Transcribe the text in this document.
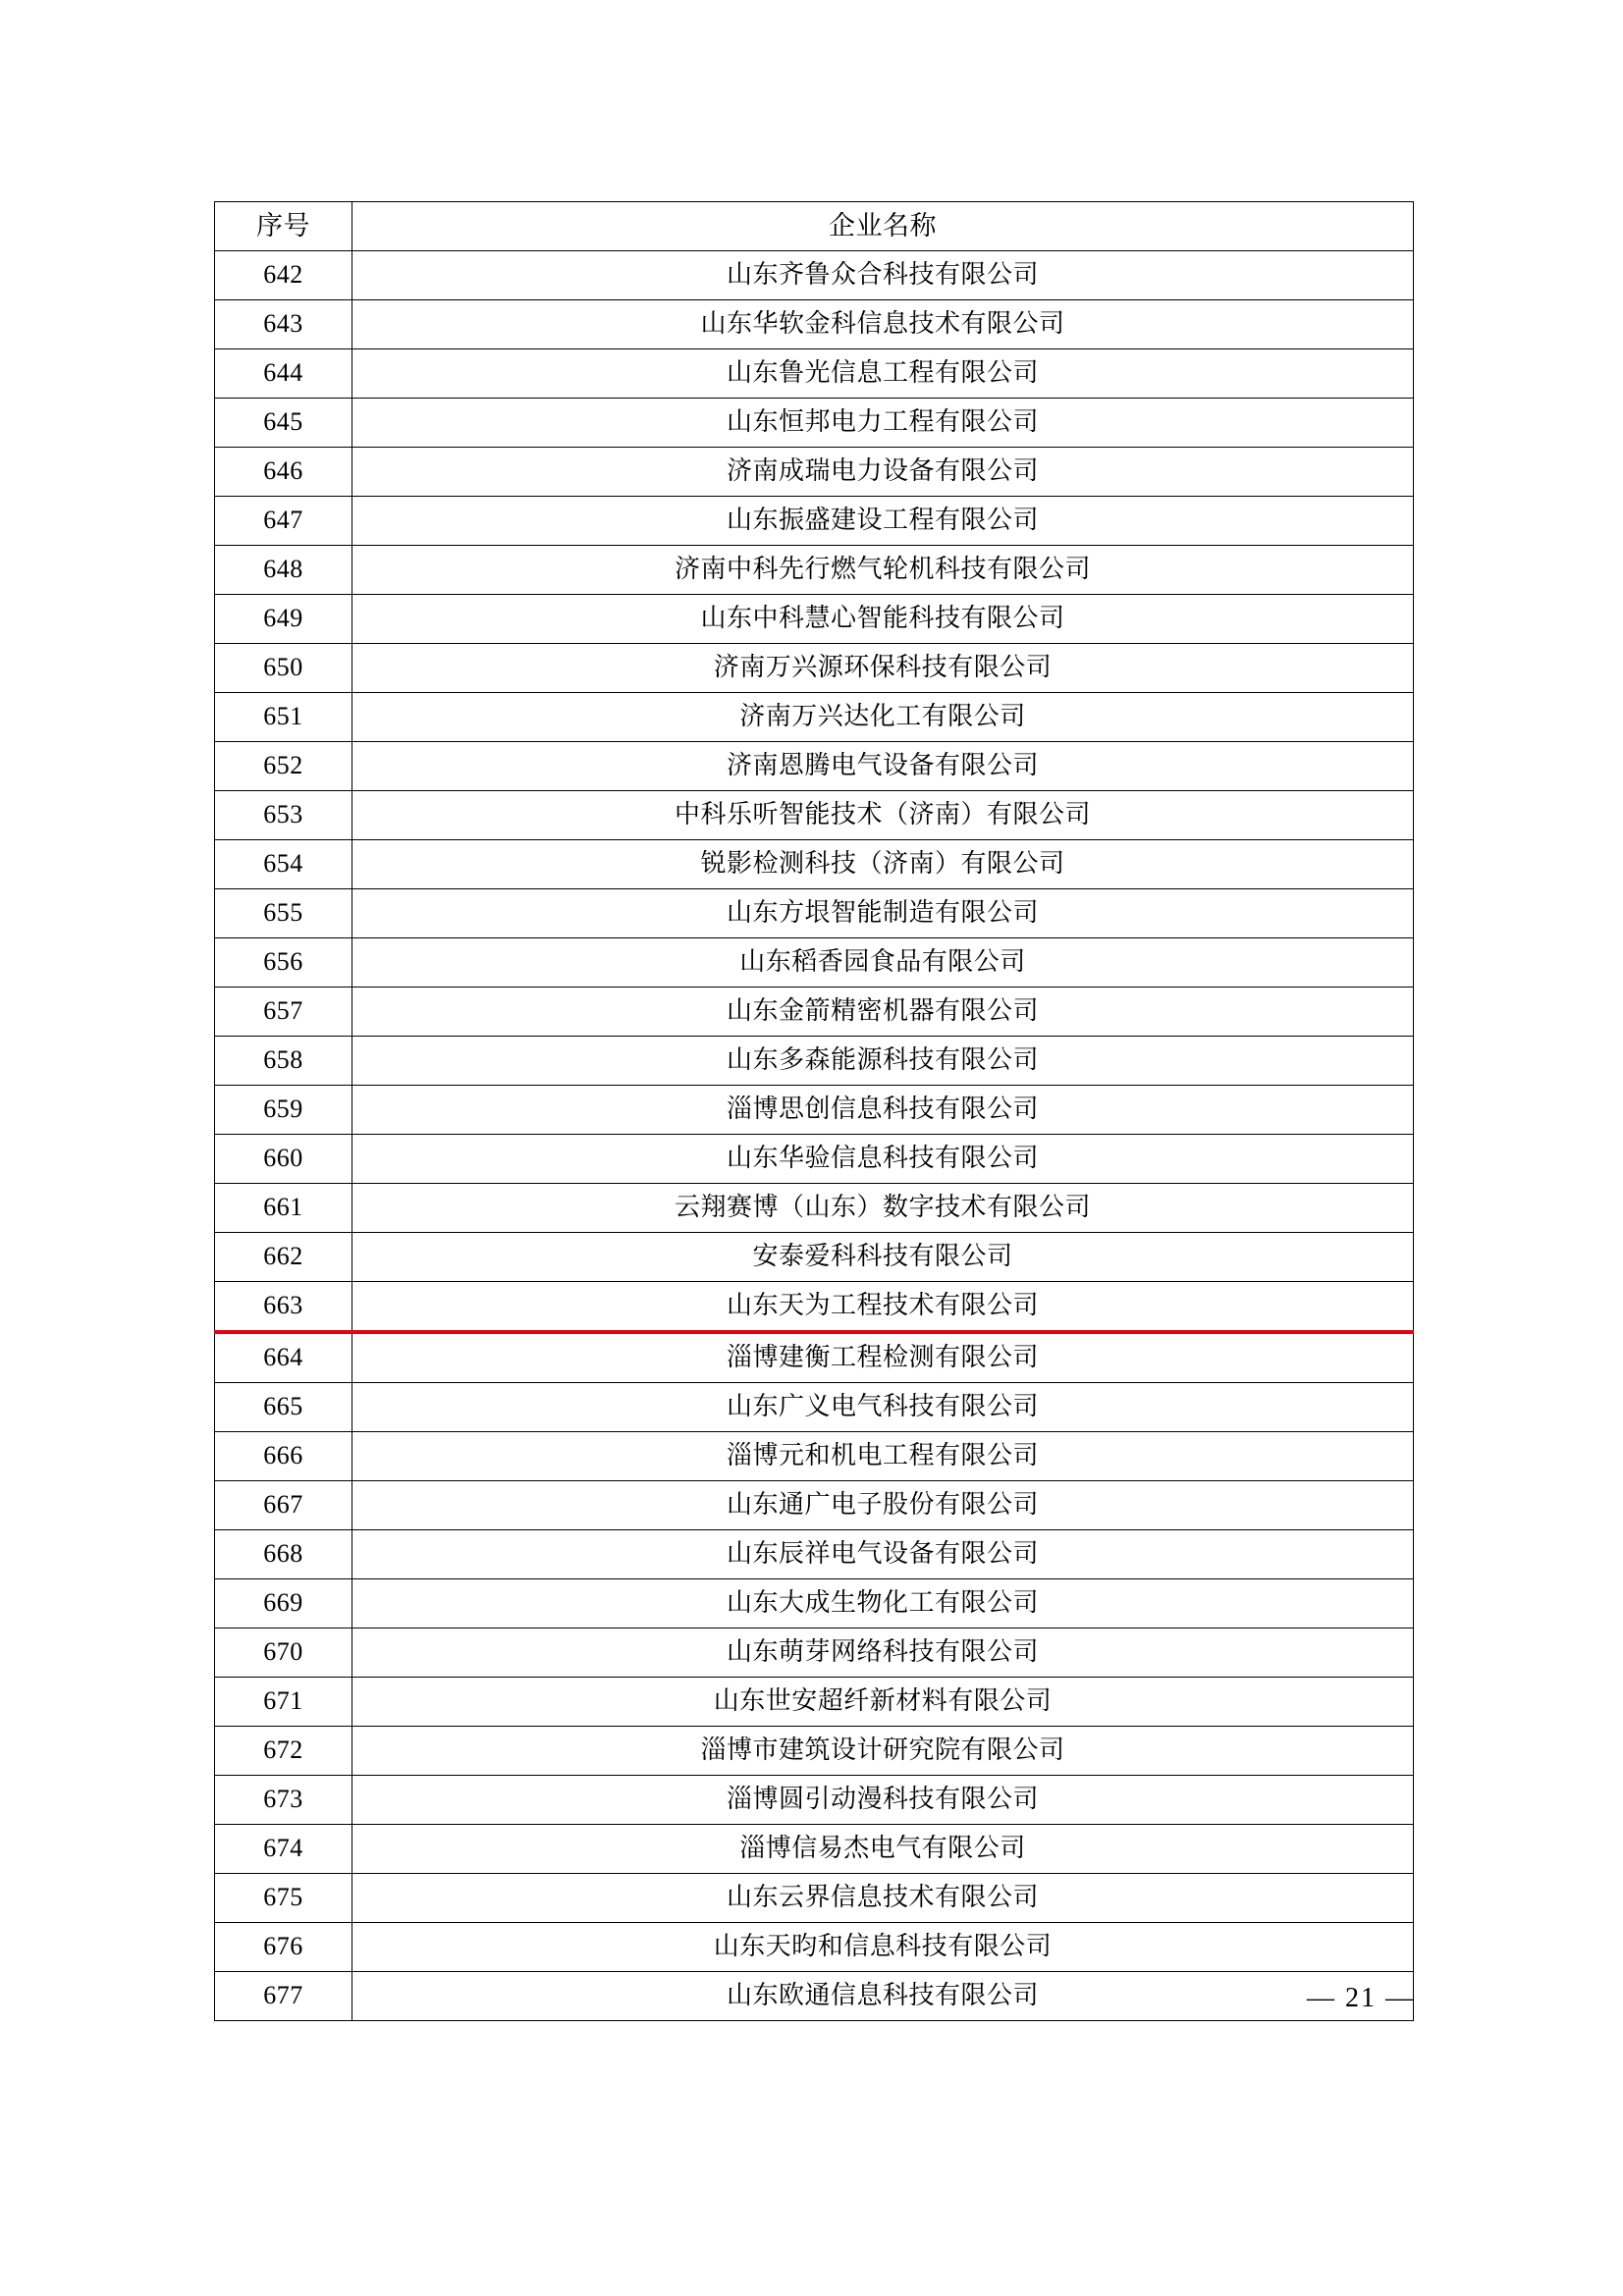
序号	企业名称
642	山东齐鲁众合科技有限公司
643	山东华软金科信息技术有限公司
644	山东鲁光信息工程有限公司
645	山东恒邦电力工程有限公司
646	济南成瑞电力设备有限公司
647	山东振盛建设工程有限公司
648	济南中科先行燃气轮机科技有限公司
649	山东中科慧心智能科技有限公司
650	济南万兴源环保科技有限公司
651	济南万兴达化工有限公司
652	济南恩腾电气设备有限公司
653	中科乐听智能技术（济南）有限公司
654	锐影检测科技（济南）有限公司
655	山东方垠智能制造有限公司
656	山东稻香园食品有限公司
657	山东金箭精密机器有限公司
658	山东多森能源科技有限公司
659	淄博思创信息科技有限公司
660	山东华验信息科技有限公司
661	云翔赛博（山东）数字技术有限公司
662	安泰爱科科技有限公司
663	山东天为工程技术有限公司
664	淄博建衡工程检测有限公司
665	山东广义电气科技有限公司
666	淄博元和机电工程有限公司
667	山东通广电子股份有限公司
668	山东辰祥电气设备有限公司
669	山东大成生物化工有限公司
670	山东萌芽网络科技有限公司
671	山东世安超纤新材料有限公司
672	淄博市建筑设计研究院有限公司
673	淄博圆引动漫科技有限公司
674	淄博信易杰电气有限公司
675	山东云界信息技术有限公司
676	山东天昀和信息科技有限公司
677	山东欧通信息科技有限公司	— 21 —
